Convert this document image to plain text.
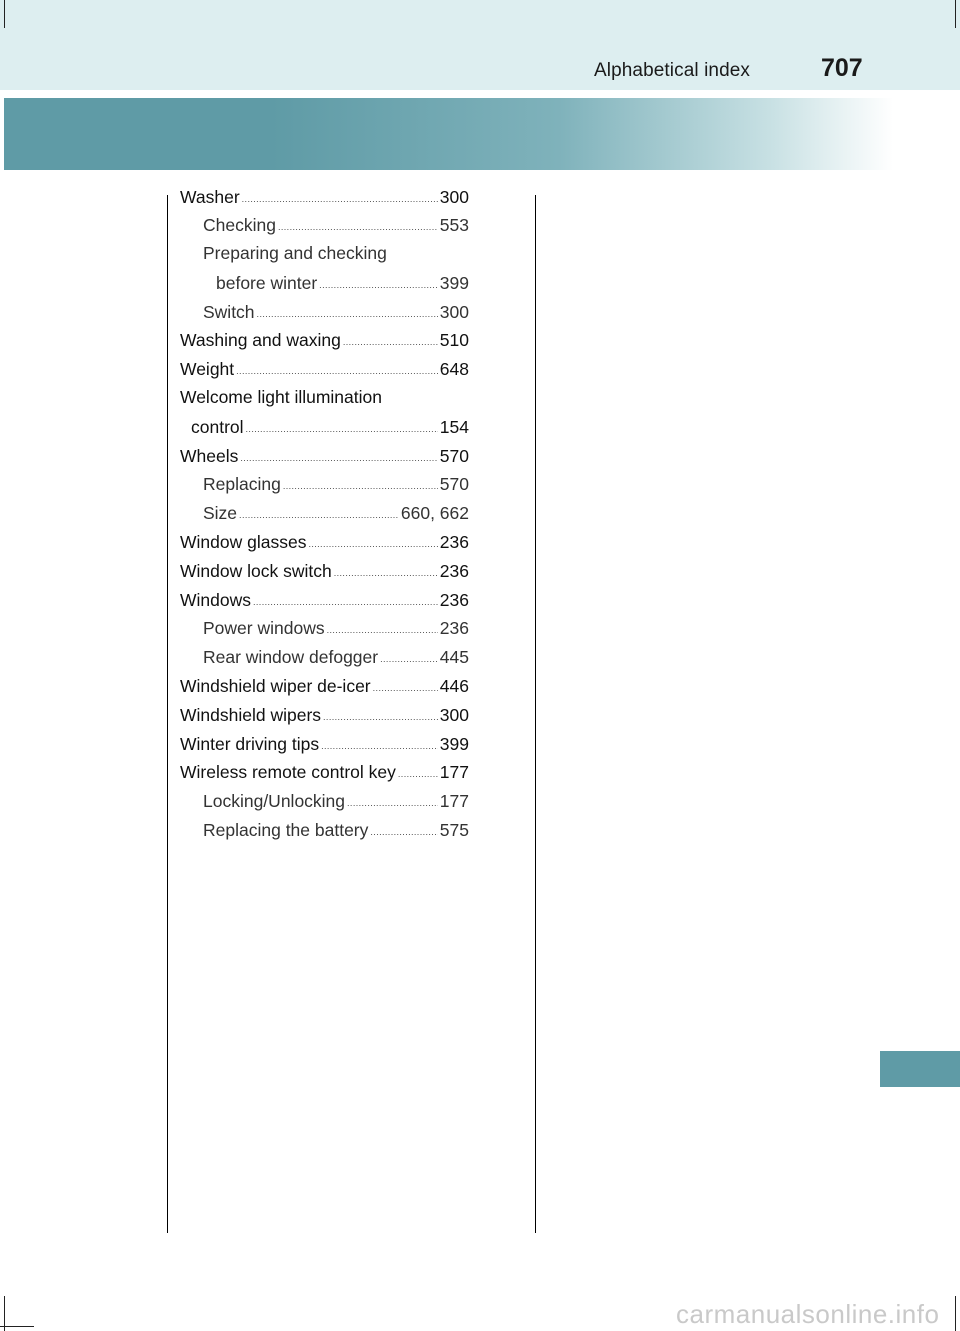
Alphabetical index	707
Washer .....	300
Checking .....	553
Preparing and checking
before winter .....	399
Switch .....	300
Washing and waxing .....	510
Weight .....	648
Welcome light illumination
control .....	154
Wheels .....	570
Replacing .....	570
Size .....	660, 662
Window glasses .....	236
Window lock switch .....	236
Windows .....	236
Power windows .....	236
Rear window defogger .....	445
Windshield wiper de-icer .....	446
Windshield wipers .....	300
Winter driving tips .....	399
Wireless remote control key .....	177
Locking/Unlocking .....	177
Replacing the battery .....	575
carmanualsonline.info
